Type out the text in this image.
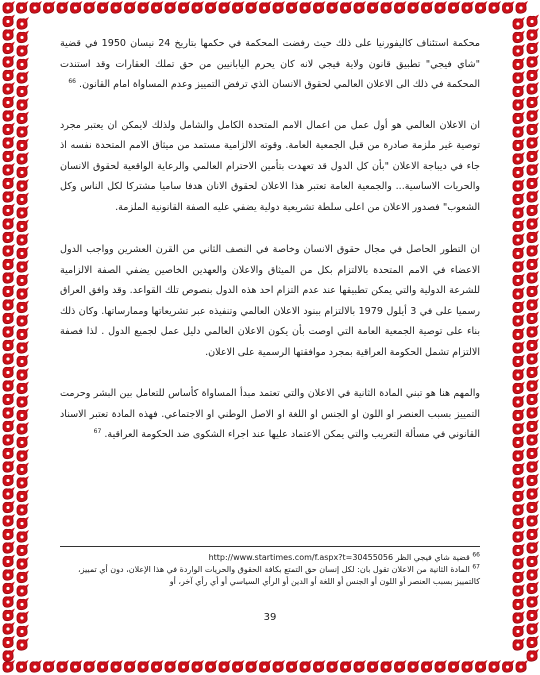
محكمة استئناف كاليفورنيا على ذلك حيث رفضت المحكمة في حكمها بتاريخ 24 نيسان 1950 في قضية "شاي فيجي" تطبيق قانون ولاية فيجي لانه كان يحرم اليابانيين من حق تملك العقارات وقد استندت المحكمة في ذلك الى الاعلان العالمي لحقوق الانسان الذي ترفض التمييز وعدم المساواة امام القانون. $^{66}$

ان الاعلان العالمي هو أول عمل من اعمال الامم المتحدة الكامل والشامل ولذلك لايمكن ان يعتبر مجرد توصية غير ملزمة صادرة من قبل الجمعية العامة. وقوته الالزامية مستمد من ميثاق الامم المتحدة نفسه اذ جاء في ديباجة الاعلان "بأن كل الدول قد تعهدت بتأمين الاحترام العالمي والرعاية الواقعية لحقوق الانسان والحريات الاساسية... والجمعية العامة تعتبر هذا الاعلان لحقوق الانان هدفا ساميا مشتركا لكل الناس وكل الشعوب" فصدور الاعلان من اعلى سلطة تشريعية دولية يضفي عليه الصفة القانونية الملزمة.

ان التطور الحاصل في مجال حقوق الانسان وخاصة في النصف الثاني من القرن العشرين وواجب الدول الاعضاء في الامم المتحدة بالالتزام بكل من الميثاق والاعلان والعهدين الخاصين يضفي الصفة الالزامية للشرعة الدولية والتي يمكن تطبيقها عند عدم التزام احد هذه الدول بنصوص تلك القواعد. وقد وافق العراق رسميا على في 3 أيلول 1979 بالالتزام ببنود الاعلان العالمي وتنفيذه عبر تشريعاتها وممارساتها. وكان ذلك بناء على توصية الجمعية العامة التي اوصت بأن يكون الاعلان العالمي دليل عمل لجميع الدول . لذا فصفة الالتزام تشمل الحكومة العراقية بمجرد موافقتها الرسمية على الاعلان.

والمهم هنا هو تبني المادة الثانية في الاعلان والتي تعتمد مبدأ المساواة كأساس للتعامل بين البشر وحرمت التمييز بسبب العنصر او اللون او الجنس او اللغة او الاصل الوطني او الاجتماعي. فهذه المادة تعتبر الاسناد القانوني في مسألة التعريب والتي يمكن الاعتماد عليها عند اجراء الشكوى ضد الحكومة العراقية. $^{67}$

$^{66}$ قضية شاي فيجي الظر http://www.startimes.com/f.aspx?t=30455056

$^{67}$ المادة الثانية من الاعلان تقول بان: لكل إنسان حق التمتع بكافة الحقوق والحريات الواردة في هذا الإعلان، دون أي تمييز، كالتمييز بسبب العنصر أو اللون أو الجنس أو اللغة أو الدين أو الرأي السياسي أو أي رأي آخر، أو

39
